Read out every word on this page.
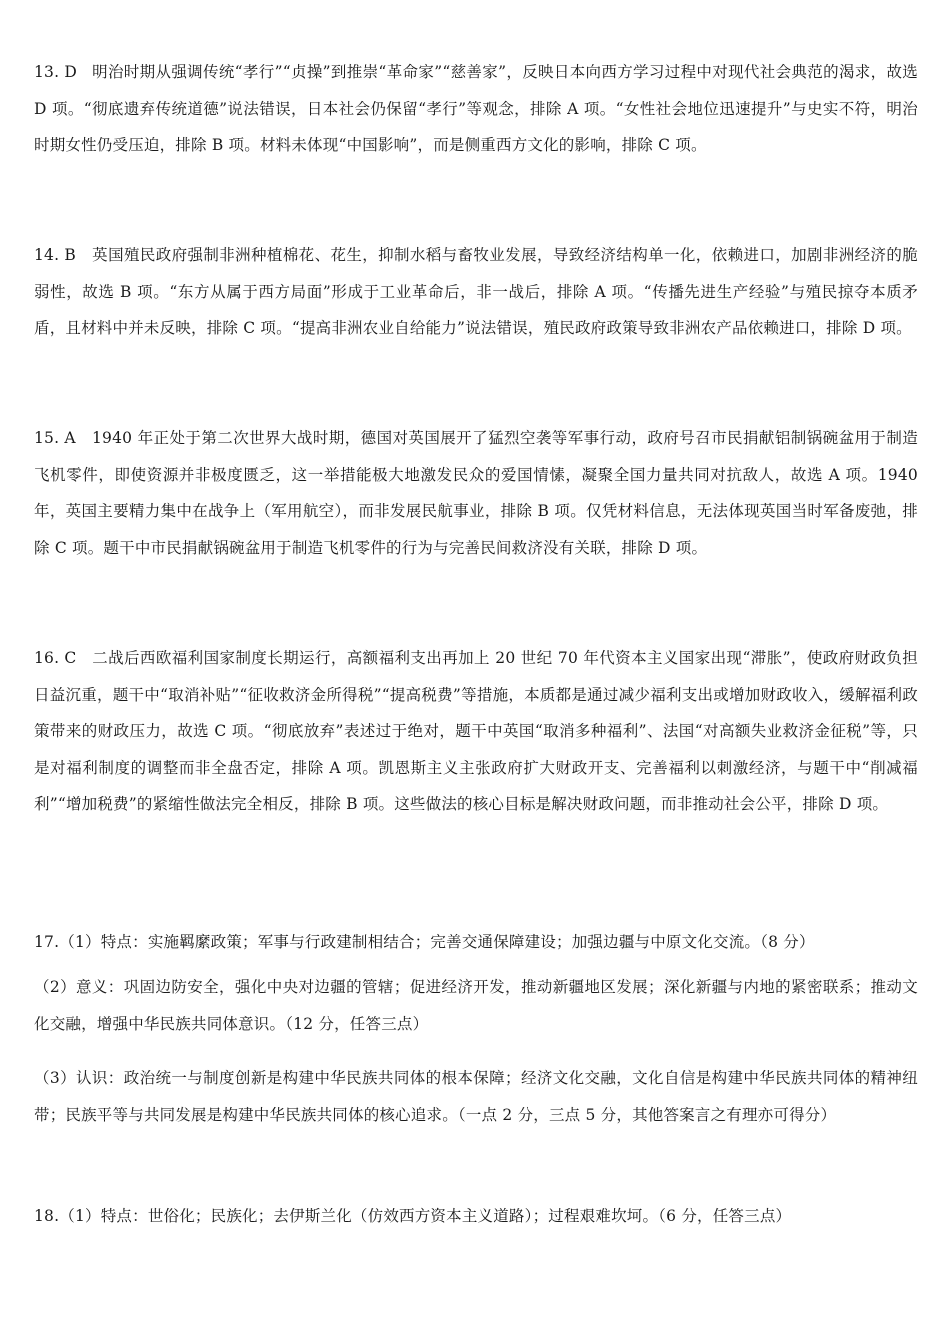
13. D 明治时期从强调传统“孝行”“贞操”到推崇“革命家”“慈善家”，反映日本向西方学习过程中对现代社会典范的渴求，故选 D 项。“彻底遗弃传统道德”说法错误，日本社会仍保留“孝行”等观念，排除 A 项。“女性社会地位迅速提升”与史实不符，明治时期女性仍受压迫，排除 B 项。材料未体现“中国影响”，而是侧重西方文化的影响，排除 C 项。
14. B 英国殖民政府强制非洲种植棉花、花生，抑制水稻与畜牧业发展，导致经济结构单一化，依赖进口，加剧非洲经济的脆弱性，故选 B 项。“东方从属于西方局面”形成于工业革命后，非一战后，排除 A 项。“传播先进生产经验”与殖民掠夺本质矛盾，且材料中并未反映，排除 C 项。“提高非洲农业自给能力”说法错误，殖民政府政策导致非洲农产品依赖进口，排除 D 项。
15. A 1940 年正处于第二次世界大战时期，德国对英国展开了猛烈空袭等军事行动，政府号召市民捐献铝制锅碗盆用于制造飞机零件，即使资源并非极度匮乏，这一举措能极大地激发民众的爱国情愫，凝聚全国力量共同对抗敌人，故选 A 项。1940 年，英国主要精力集中在战争上（军用航空），而非发展民航事业，排除 B 项。仅凭材料信息，无法体现英国当时军备废弛，排除 C 项。题干中市民捐献锅碗盆用于制造飞机零件的行为与完善民间救济没有关联，排除 D 项。
16. C 二战后西欧福利国家制度长期运行，高额福利支出再加上 20 世纪 70 年代资本主义国家出现“滞胀”，使政府财政负担日益沉重，题干中“取消补贴”“征收救济金所得税”“提高税费”等措施，本质都是通过减少福利支出或增加财政收入，缓解福利政策带来的财政压力，故选 C 项。“彻底放弃”表述过于绝对，题干中英国“取消多种福利”、法国“对高额失业救济金征税”等，只是对福利制度的调整而非全盘否定，排除 A 项。凯恩斯主义主张政府扩大财政开支、完善福利以刺激经济，与题干中“削减福利”“增加税费”的紧缩性做法完全相反，排除 B 项。这些做法的核心目标是解决财政问题，而非推动社会公平，排除 D 项。
17.（1）特点：实施羁縻政策；军事与行政建制相结合；完善交通保障建设；加强边疆与中原文化交流。（8 分）
（2）意义：巩固边防安全，强化中央对边疆的管辖；促进经济开发，推动新疆地区发展；深化新疆与内地的紧密联系；推动文化交融，增强中华民族共同体意识。（12 分，任答三点）
（3）认识：政治统一与制度创新是构建中华民族共同体的根本保障；经济文化交融，文化自信是构建中华民族共同体的精神纽带；民族平等与共同发展是构建中华民族共同体的核心追求。（一点 2 分，三点 5 分，其他答案言之有理亦可得分）
18.（1）特点：世俗化；民族化；去伊斯兰化（仿效西方资本主义道路）；过程艰难坎坷。（6 分，任答三点）
